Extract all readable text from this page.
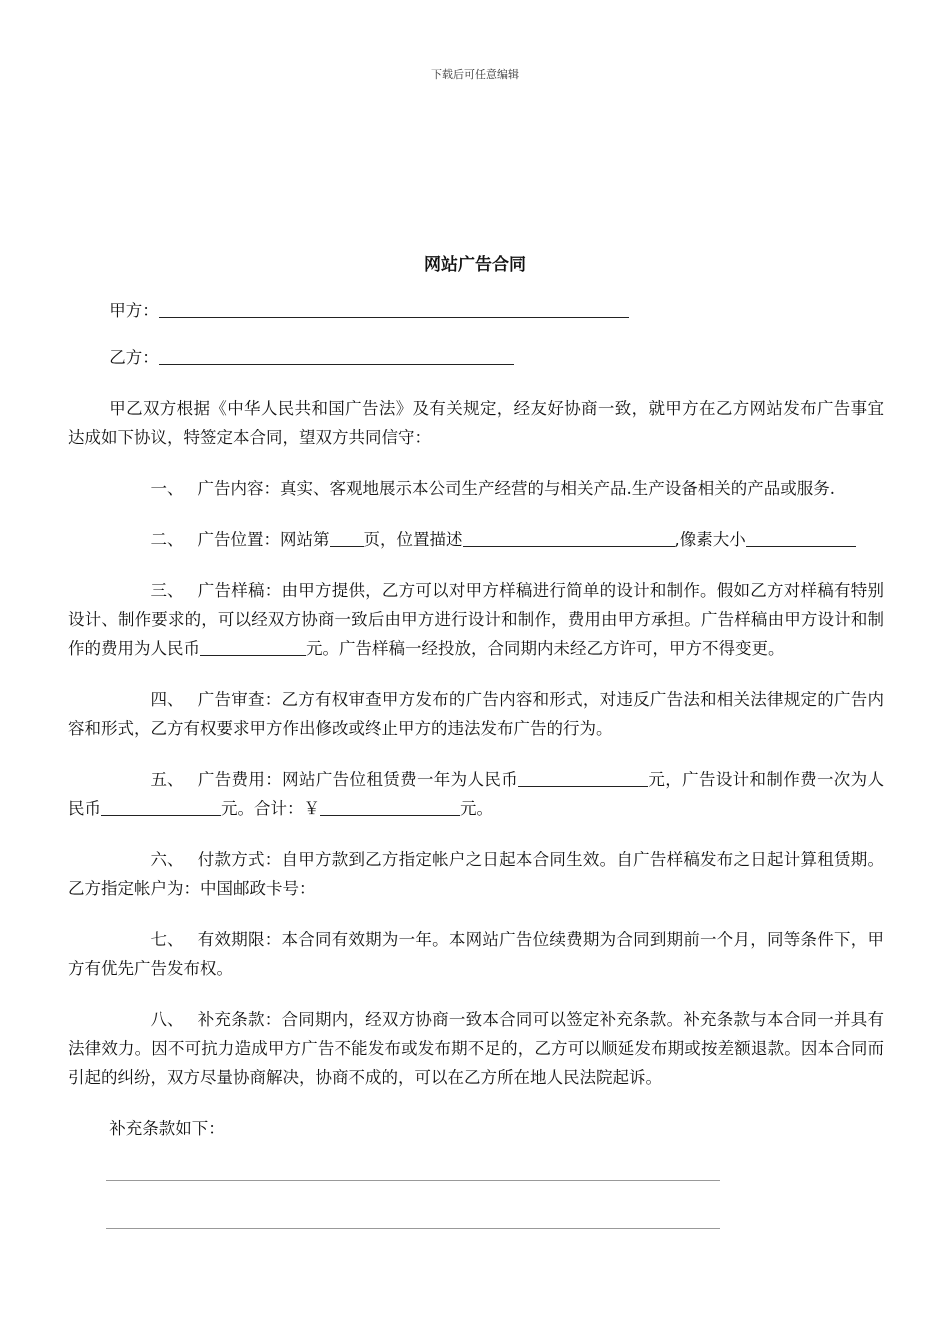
下载后可任意编辑
网站广告合同

甲方：

乙方：

甲乙双方根据《中华人民共和国广告法》及有关规定，经友好协商一致，就甲方在乙方网站发布广告事宜达成如下协议，特签定本合同，望双方共同信守：

一、 广告内容：真实、客观地展示本公司生产经营的与相关产品.生产设备相关的产品或服务.

二、 广告位置：网站第 页，位置描述	,像素大小

三、 广告样稿：由甲方提供，乙方可以对甲方样稿进行简单的设计和制作。假如乙方对样稿有特别设计、制作要求的，可以经双方协商一致后由甲方进行设计和制作，费用由甲方承担。广告样稿由甲方设计和制作的费用为人民币	元。广告样稿一经投放，合同期内未经乙方许可，甲方不得变更。

四、 广告审查：乙方有权审查甲方发布的广告内容和形式，对违反广告法和相关法律规定的广告内容和形式，乙方有权要求甲方作出修改或终止甲方的违法发布广告的行为。

五、 广告费用：网站广告位租赁费一年为人民币	元，广告设计和制作费一次为人民币	元。合计：￥	元。

六、 付款方式：自甲方款到乙方指定帐户之日起本合同生效。自广告样稿发布之日起计算租赁期。乙方指定帐户为：中国邮政卡号：

七、 有效期限：本合同有效期为一年。本网站广告位续费期为合同到期前一个月，同等条件下，甲方有优先广告发布权。

八、 补充条款：合同期内，经双方协商一致本合同可以签定补充条款。补充条款与本合同一并具有法律效力。因不可抗力造成甲方广告不能发布或发布期不足的，乙方可以顺延发布期或按差额退款。因本合同而引起的纠纷，双方尽量协商解决，协商不成的，可以在乙方所在地人民法院起诉。

补充条款如下：
